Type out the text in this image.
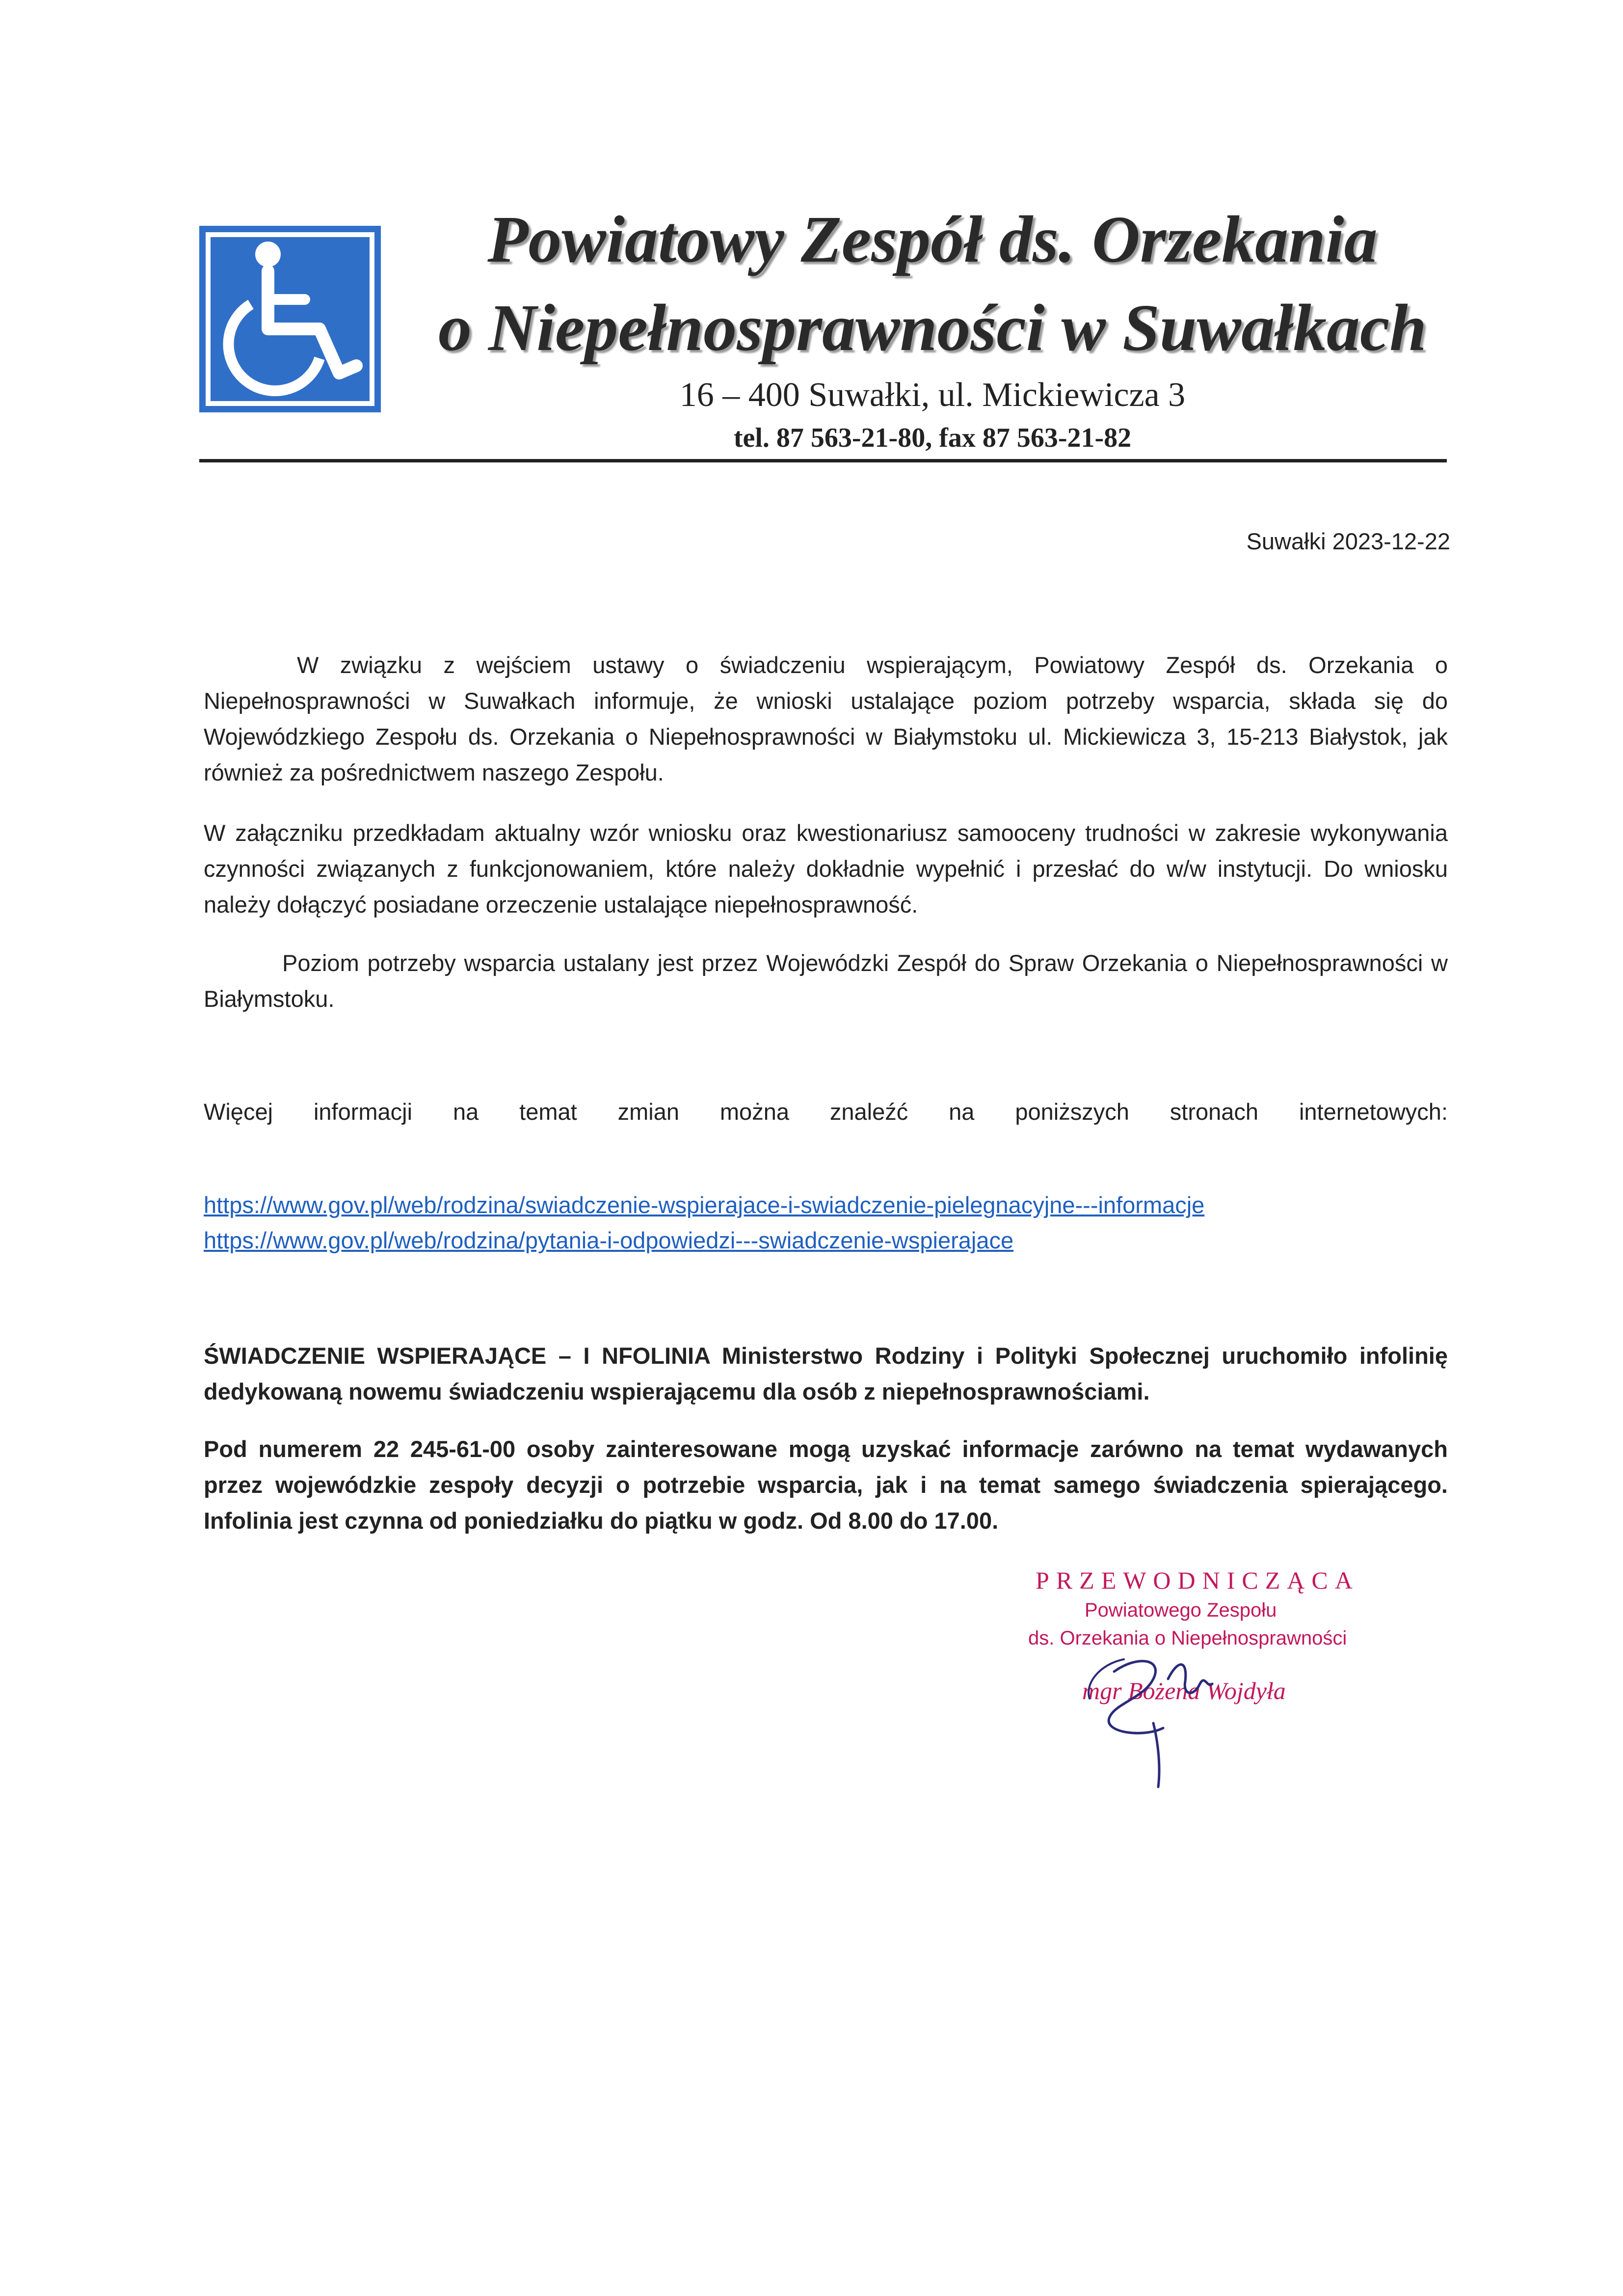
Powiatowy Zespół ds. Orzekania
o Niepełnosprawności w Suwałkach
16 – 400 Suwałki, ul. Mickiewicza 3
tel. 87 563-21-80, fax 87 563-21-82
Suwałki 2023-12-22

W związku z wejściem ustawy o świadczeniu wspierającym, Powiatowy Zespół ds. Orzekania o Niepełnosprawności w Suwałkach informuje, że wnioski ustalające poziom potrzeby wsparcia, składa się do Wojewódzkiego Zespołu ds. Orzekania o Niepełnosprawności w Białymstoku ul. Mickiewicza 3, 15-213 Białystok, jak również za pośrednictwem naszego Zespołu.

W załączniku przedkładam aktualny wzór wniosku oraz kwestionariusz samooceny trudności w zakresie wykonywania czynności związanych z funkcjonowaniem, które należy dokładnie wypełnić i przesłać do w/w instytucji. Do wniosku należy dołączyć posiadane orzeczenie ustalające niepełnosprawność.

Poziom potrzeby wsparcia ustalany jest przez Wojewódzki Zespół do Spraw Orzekania o Niepełnosprawności w Białymstoku.

Więcej informacji na temat zmian można znaleźć na poniższych stronach internetowych:

https://www.gov.pl/web/rodzina/swiadczenie-wspierajace-i-swiadczenie-pielegnacyjne---informacje
https://www.gov.pl/web/rodzina/pytania-i-odpowiedzi---swiadczenie-wspierajace

ŚWIADCZENIE WSPIERAJĄCE – I NFOLINIA Ministerstwo Rodziny i Polityki Społecznej uruchomiło infolinię dedykowaną nowemu świadczeniu wspierającemu dla osób z niepełnosprawnościami.

Pod numerem 22 245-61-00 osoby zainteresowane mogą uzyskać informacje zarówno na temat wydawanych przez wojewódzkie zespoły decyzji o potrzebie wsparcia, jak i na temat samego świadczenia spierającego. Infolinia jest czynna od poniedziałku do piątku w godz. Od 8.00 do 17.00.

PRZEWODNICZĄCA
Powiatowego Zespołu
ds. Orzekania o Niepełnosprawności
mgr Bożena Wojdyła
